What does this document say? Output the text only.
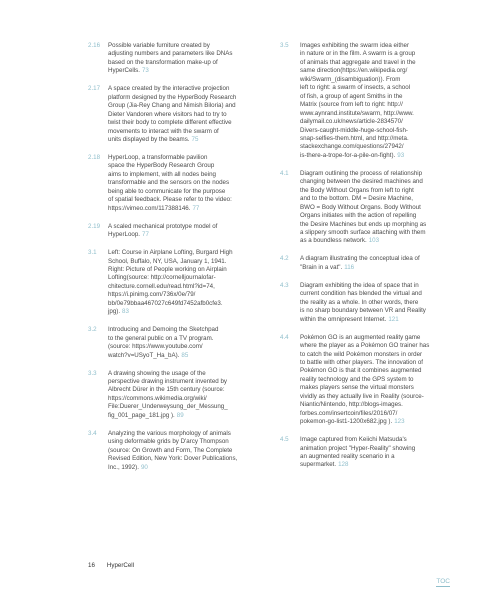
2.16	Possible variable furniture created by
adjusting numbers and parameters like DNAs
based on the transformation make-up of
HyperCells. 73
2.17	A space created by the interactive projection
platform designed by the HyperBody Research
Group (Jia-Rey Chang and Nimish Biloria) and
Dieter Vandoren where visitors had to try to
twist their body to complete different effective
movements to interact with the swarm of
units displayed by the beams. 75
2.18	HyperLoop, a transformable pavilion
space the HyperBody Research Group
aims to implement, with all nodes being
transformable and the sensors on the nodes
being able to communicate for the purpose
of spatial feedback. Please refer to the video:
https://vimeo.com/117388146. 77
2.19	A scaled mechanical prototype model of
HyperLoop. 77
3.1	Left: Course in Airplane Lofting, Burgard High
School, Buffalo, NY, USA, January 1, 1941.
Right: Picture of People working on Airplain
Lofting(source: http://cornelljournalofar-
chitecture.cornell.edu/read.html?id=74,
https://i.pinimg.com/736x/0e/79/
bb/0e79bbaa467027c649fd7452afb0cfe3.
jpg). 83
3.2	Introducing and Demoing the Sketchpad
to the general public on a TV program.
(source: https://www.youtube.com/
watch?v=USyoT_Ha_bA). 85
3.3	A drawing showing the usage of the
perspective drawing instrument invented by
Albrecht Dürer in the 15th century (source:
https://commons.wikimedia.org/wiki/
File:Duerer_Underweysung_der_Messung_
fig_001_page_181.jpg ). 89
3.4	Analyzing the various morphology of animals
using deformable grids by D'arcy Thompson
(source: On Growth and Form, The Complete
Revised Edition, New York: Dover Publications,
Inc., 1992). 90
3.5	Images exhibiting the swarm idea either
in nature or in the film. A swarm is a group
of animals that aggregate and travel in the
same direction(https://en.wikipedia.org/
wiki/Swarm_(disambiguation)). From
left to right: a swarm of insects, a school
of fish, a group of agent Smiths in the
Matrix (source from left to right: http://
www.aynrand.institute/swarm, http://www.
dailymail.co.uk/news/article-2834570/
Divers-caught-middle-huge-school-fish-
snap-selfies-them.html, and http://meta.
stackexchange.com/questions/27942/
is-there-a-trope-for-a-pile-on-fight). 93
4.1	Diagram outlining the process of relationship
changing between the desired machines and
the Body Without Organs from left to right
and to the bottom. DM = Desire Machine,
BWO = Body Without Organs. Body Without
Organs initiates with the action of repelling
the Desire Machines but ends up morphing as
a slippery smooth surface attaching with them
as a boundless network. 103
4.2	A diagram illustrating the conceptual idea of
"Brain in a vat". 116
4.3	Diagram exhibiting the idea of space that in
current condition has blended the virtual and
the reality as a whole. In other words, there
is no sharp boundary between VR and Reality
within the omnipresent Internet. 121
4.4	Pokémon GO is an augmented reality game
where the player as a Pokémon GO trainer has
to catch the wild Pokémon monsters in order
to battle with other players. The innovation of
Pokémon GO is that it combines augmented
reality technology and the GPS system to
makes players sense the virtual monsters
vividly as they actually live in Reality (source-
Niantic/Nintendo, http://blogs-images.
forbes.com/insertcoin/files/2016/07/
pokemon-go-list1-1200x682.jpg ). 123
4.5	Image captured from Keiichi Matsuda's
animation project "Hyper-Reality" showing
an augmented reality scenario in a
supermarket. 128
16 HyperCell
TOC
